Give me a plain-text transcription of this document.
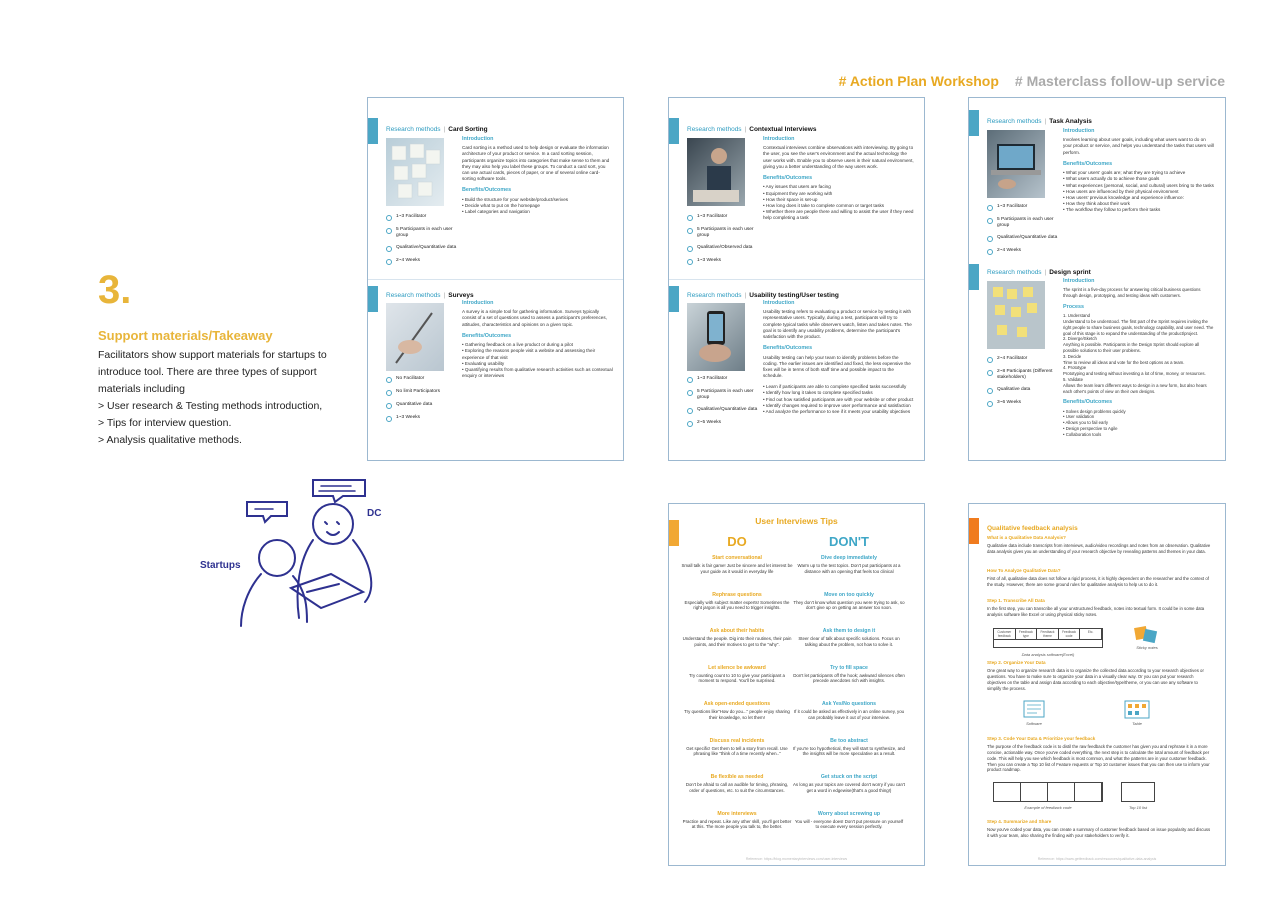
# Action Plan Workshop # Masterclass follow-up service
3.
Support materials/Takeaway
Facilitators show support materials for startups to
introduce tool. There are three types of support
materials including
> User research & Testing methods introduction,
> Tips for interview question.
> Analysis qualitative methods.
Startups
DC
Research methods | Card Sorting
1~3 Facilitator
5 Participants in each user group
Qualitative/Quantitative data
2~4 Weeks
Introduction
Card sorting is a method used to help design or evaluate the information architecture of your product or service. In a card sorting session, participants organize topics into categories that make sense to them and they may also help you label these groups. To conduct a card sort, you can use actual cards, pieces of paper, or one of several online card-sorting software tools.
Benefits/Outcomes
• Build the structure for your website/product/serives
• Decide what to put on the homepage
• Label categories and navigation
Research methods | Surveys
No Facilitator
No limit Participators
Quantitative data
1~3 Weeks
Introduction
A survey is a simple tool for gathering information. Surveys typically consist of a set of questions used to assess a participant's preferences, attitudes, characteristics and opinions on a given topic.
Benefits/Outcomes
• Gathering feedback on a live product or during a pilot
• Exploring the reasons people visit a website and assessing their experience of that visit
• Evaluating usability
• Quantifying results from qualitative research activities such as contextual enquiry or interviews
Research methods | Contextual Interviews
1~3 Facilitator
5 Participants in each user group
Qualitative/Observed data
1~3 Weeks
Introduction
Contextual interviews combine observations with interviewing. By going to the user, you see the user's environment and the actual technology the user works with. Enable you to observe users in their natural environment, giving you a better understanding of the way users work.
Benefits/Outcomes
• Any issues that users are facing
• Equipment they are working with
• How their space is set-up
• How long does it take to complete common or target tasks
• Whether there are people there and willing to assist the user if they need help completing a task
Research methods | Usability testing/User testing
1~3 Facilitator
5 Participants in each user group
Qualitative/Quantitative data
2~5 Weeks
Introduction
Usability testing refers to evaluating a product or service by testing it with representative users. Typically, during a test, participants will try to complete typical tasks while observers watch, listen and takes notes. The goal is to identify any usability problems, determine the participant's satisfaction with the product.
Benefits/Outcomes
Usability testing can help your team to identify problems before the coding. The earlier issues are identified and fixed, the less expensive the fixes will be in terms of both staff time and possible impact to the schedule.
• Learn if participants are able to complete specified tasks successfully
• Identify how long it takes to complete specified tasks
• Find out how satisfied participants are with your website or other product
• Identify changes required to improve user performance and satisfaction
• And analyze the performance to see if it meets your usability objectives
Research methods | Task Analysis
1~3 Facilitator
5 Participants in each user group
Qualitative/Quantitative data
2~4 Weeks
Introduction
Involves learning about user goals, including what users want to do on your product or service, and helps you understand the tasks that users will perform.
Benefits/Outcomes
• What your users' goals are; what they are trying to achieve
• What users actually do to achieve those goals
• What experiences (personal, social, and cultural) users bring to the tasks
• How users are influenced by their physical environment
• How users' previous knowledge and experience influence:
• How they think about their work
• The workflow they follow to perform their tasks
Research methods | Design sprint
2~4 Facilitator
2~8 Participants (Different stakeholders)
Qualitative data
3~6 Weeks
Introduction
The sprint is a five-day process for answering critical business questions through design, prototyping, and testing ideas with customers.
Process
1. Understand
Understand to be understood. The first part of the Sprint requires inviting the right people to share business goals, technology capability, and user need. The goal of this stage is to expand the understanding of the product/project.
2. Diverge/Sketch
Anything is possible. Participants in the Design Sprint should explore all possible solutions to their user problems.
3. Decide
Time to review all ideas and vote for the best options as a team.
4. Prototype
Prototyping and testing without investing a lot of time, money, or resources.
5. Validate
Allows the team learn different ways to design in a new form, but also hears each other's points of view on their own designs.
Benefits/Outcomes
• Solves design problems quickly
• User validation
• Allows you to fail early
• Design perspective to Agile
• Collaboration tools
User Interviews Tips
DO
Start conversational
Small talk is fair game! Just be sincere and let interest be your guide as it would in everyday life
Rephrase questions
Especially with subject matter experts! Sometimes the right jargon is all you need to trigger insights.
Ask about their habits
Understand the people. Dig into their routines, their pain points, and their motives to get to the "why".
Let silence be awkward
Try counting count to 10 to give your participant a moment to respond. You'll be surprised.
Ask open-ended questions
Try questions like"How do you..." people enjoy sharing their knowledge, so let them!
Discuss real incidents
Get specific! Get them to tell a story from recall. Use phrasing like "think of a time recently when.."
Be flexible as needed
Don't be afraid to call an audible for timing, phrasing, order of questions, etc. to suit the circumstances.
More interviews
Practice and repeat. Like any other skill, you'll get better at this. The more people you talk to, the better.
DON'T
Dive deep immediately
Warm up to the test topics. Don't put participants at a distance with an opening that feels too clinical
Move on too quickly
They don't know what question you were trying to ask, so don't give up on getting an answer too soon.
Ask them to design it
Steer clear of talk about specific solutions. Focus on talking about the problem, not how to solve it.
Try to fill space
Don't let participants off the hook; awkward silences often precede anecdotes rich with insights.
Ask Yes/No questions
If it could be asked as effectively in an online survey, you can probably leave it out of your interview.
Be too abstract
If you're too hypothetical, they will start to synthesize, and the insights will be more speculative as a result.
Get stuck on the script
As long as your topics are covered don't worry if you can't get a word in edgewise(that's a good thing!)
Worry about screwing up
You will - everyone does! Don't put pressure on yourself to execute every session perfectly.
Reference: https://blog.momentaryinterviews.com/user-interviews
Qualitative feedback analysis
What is a Qualitative Data Analysis?
Qualitative data include transcripts from interviews, audio/video recordings and notes from an observation. Qualitative data analysis gives you an understanding of your research objective by revealing patterns and themes in your data.
How To Analyze Qualitative Data?
First of all, qualitative data does not follow a rigid process, it is highly dependent on the researcher and the context of the study. However, there are some ground rules for qualitative analysis to help us to do it.
Step 1. Transcribe All Data
In the first step, you can transcribe all your unstructured feedback, notes into textual form. It could be in some data analysis software like Excel or using physical sticky notes.
Customer feedback
Feedback type
Feedback theme
Feedback code
Etc.
Data analysis software(Excel)
Sticky notes
Step 2. Organize Your Data
One great way to organize research data is to organize the collected data according to your research objectives or questions. You have to make sure to organize your data in a visually clear way. Or you can put your research objectives on the table and assign data according to each objective/type/theme, or you can use any software to simplify the process.
Software	Table
Step 3. Code Your Data & Prioritize your feedback
The purpose of the feedback code is to distil the raw feedback the customer has given you and rephrase it in a more concise, actionable way. Once you've coded everything, the next step is to calculate the total amount of feedback per code. This will help you see which feedback is most common, and what the patterns are in your customer feedback. Then you can create a Top 10 list of Feature requests or Top 10 customer issues that you can then use to inform your product roadmap.
Example of feedback code	Top 10 list
Step 4. Summarize and Share
Now you've coded your data, you can create a summary of customer feedback based on issue popularity and discuss it with your team, also sharing the finding with your stakeholders to verify it.
Reference: https://www.getfeedback.com/resources/qualitative-data-analysis
